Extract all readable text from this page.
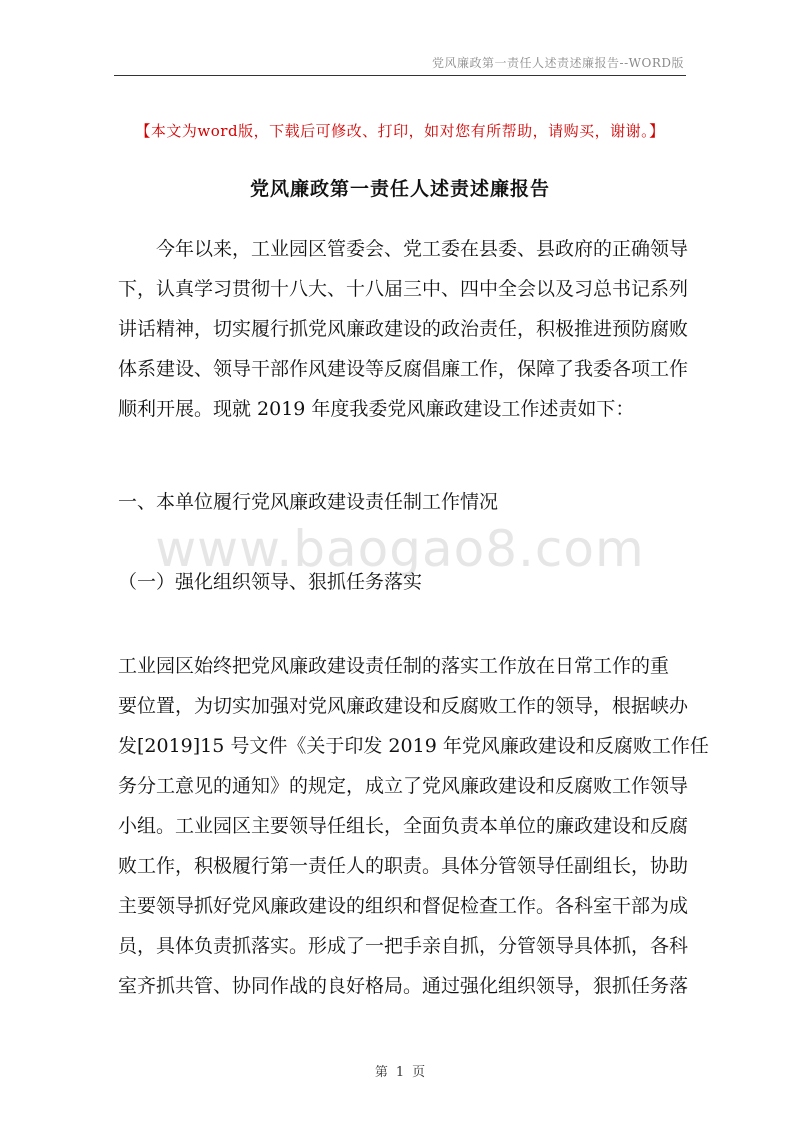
党风廉政第一责任人述责述廉报告--WORD版
【本文为word版，下载后可修改、打印，如对您有所帮助，请购买，谢谢。】
党风廉政第一责任人述责述廉报告
今年以来，工业园区管委会、党工委在县委、县政府的正确领导
下，认真学习贯彻十八大、十八届三中、四中全会以及习总书记系列
讲话精神，切实履行抓党风廉政建设的政治责任，积极推进预防腐败
体系建设、领导干部作风建设等反腐倡廉工作，保障了我委各项工作
顺利开展。现就 2019 年度我委党风廉政建设工作述责如下：
一、本单位履行党风廉政建设责任制工作情况
www.baogao8.com
（一）强化组织领导、狠抓任务落实
工业园区始终把党风廉政建设责任制的落实工作放在日常工作的重
要位置，为切实加强对党风廉政建设和反腐败工作的领导，根据峡办
发[2019]15 号文件《关于印发 2019 年党风廉政建设和反腐败工作任
务分工意见的通知》的规定，成立了党风廉政建设和反腐败工作领导
小组。工业园区主要领导任组长，全面负责本单位的廉政建设和反腐
败工作，积极履行第一责任人的职责。具体分管领导任副组长，协助
主要领导抓好党风廉政建设的组织和督促检查工作。各科室干部为成
员，具体负责抓落实。形成了一把手亲自抓，分管领导具体抓，各科
室齐抓共管、协同作战的良好格局。通过强化组织领导，狠抓任务落
第 1 页
